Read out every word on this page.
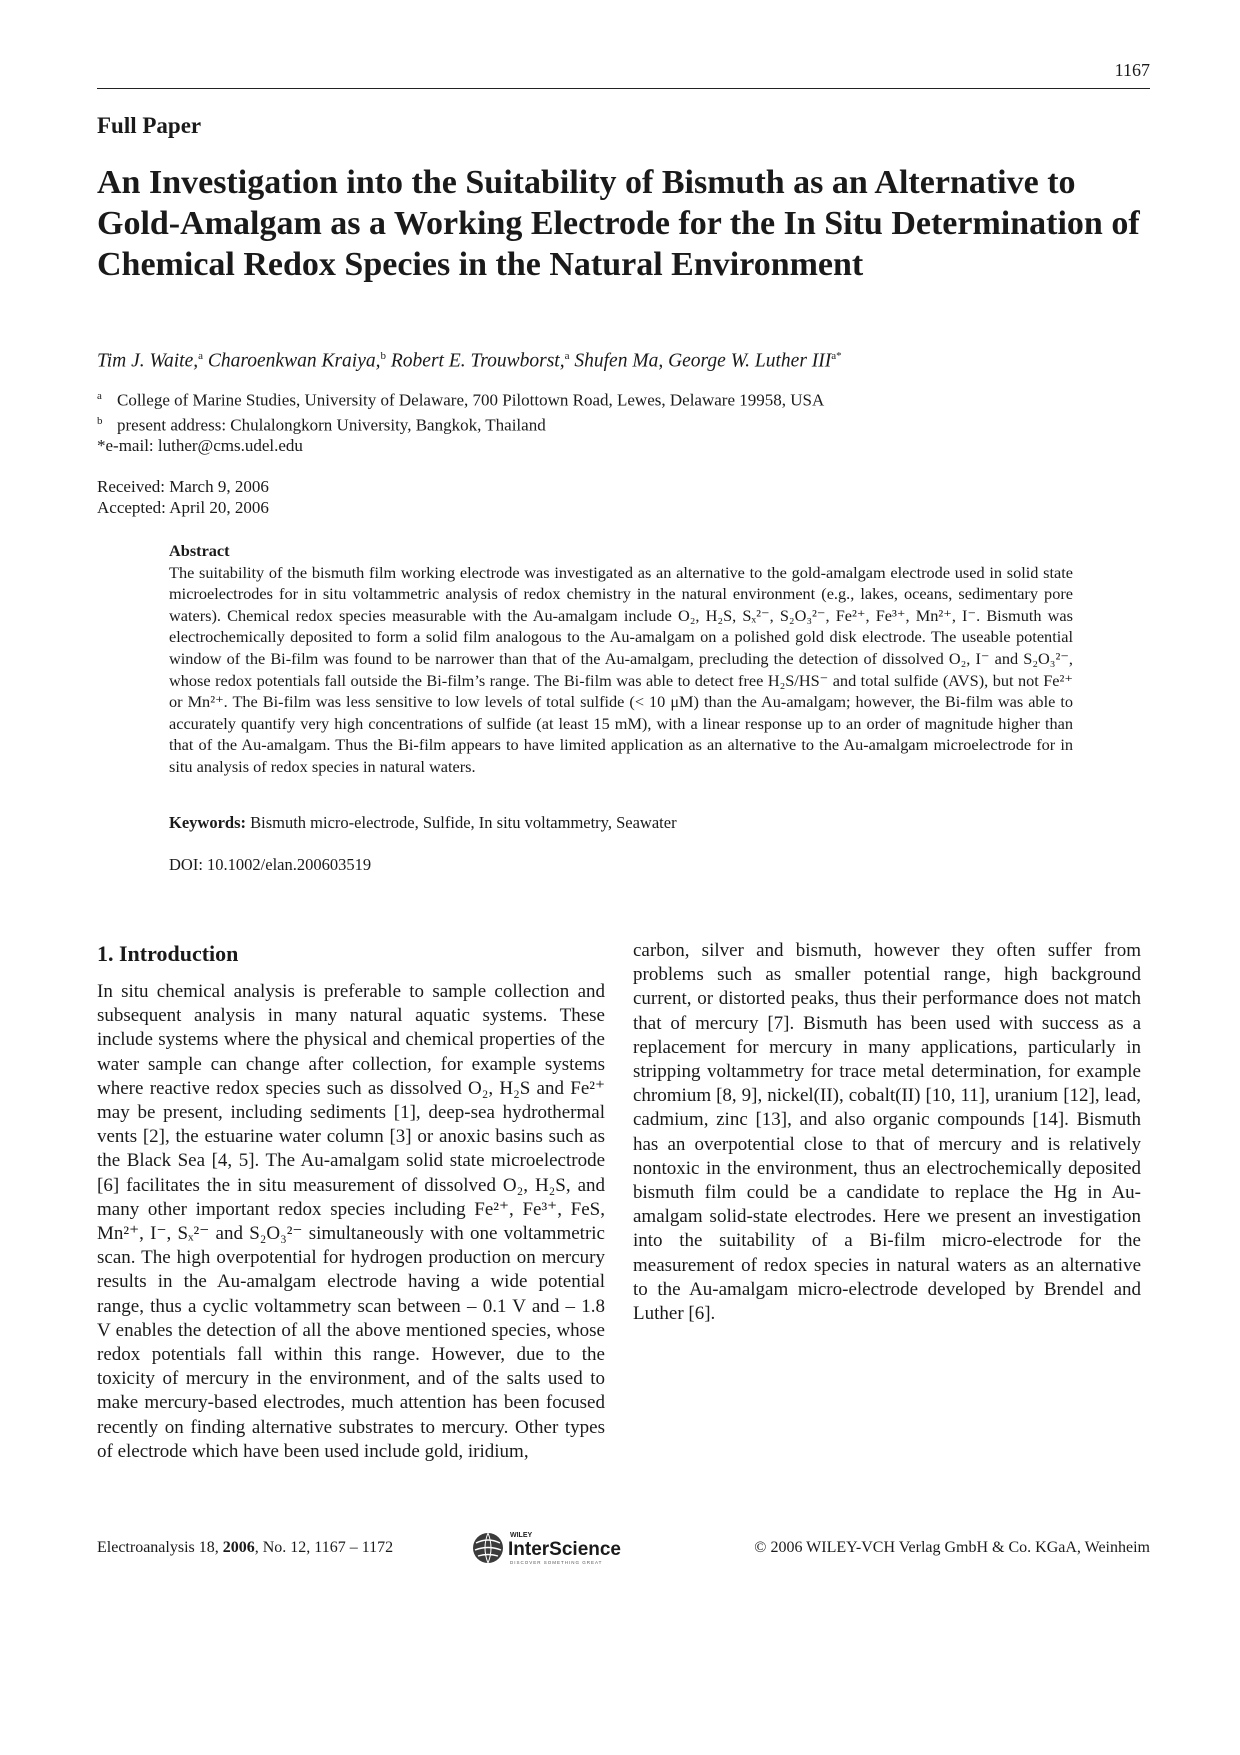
1167
Full Paper
An Investigation into the Suitability of Bismuth as an Alternative to Gold-Amalgam as a Working Electrode for the In Situ Determination of Chemical Redox Species in the Natural Environment
Tim J. Waite,$^a$ Charoenkwan Kraiya,$^b$ Robert E. Trouwborst,$^a$ Shufen Ma, George W. Luther $III^{a*}$
$^a$ College of Marine Studies, University of Delaware, 700 Pilottown Road, Lewes, Delaware 19958, USA
$^b$ present address: Chulalongkorn University, Bangkok, Thailand
*e-mail: luther@cms.udel.edu
Received: March 9, 2006
Accepted: April 20, 2006
Abstract
The suitability of the bismuth film working electrode was investigated as an alternative to the gold-amalgam electrode used in solid state microelectrodes for in situ voltammetric analysis of redox chemistry in the natural environment (e.g., lakes, oceans, sedimentary pore waters). Chemical redox species measurable with the Au-amalgam include O₂, H₂S, Sₓ²⁻, S₂O₃²⁻, Fe²⁺, Fe³⁺, Mn²⁺, I⁻. Bismuth was electrochemically deposited to form a solid film analogous to the Au-amalgam on a polished gold disk electrode. The useable potential window of the Bi-film was found to be narrower than that of the Au-amalgam, precluding the detection of dissolved O₂, I⁻ and S₂O₃²⁻, whose redox potentials fall outside the Bi-film’s range. The Bi-film was able to detect free H₂S/HS⁻ and total sulfide (AVS), but not Fe²⁺ or Mn²⁺. The Bi-film was less sensitive to low levels of total sulfide (< 10 μM) than the Au-amalgam; however, the Bi-film was able to accurately quantify very high concentrations of sulfide (at least 15 mM), with a linear response up to an order of magnitude higher than that of the Au-amalgam. Thus the Bi-film appears to have limited application as an alternative to the Au-amalgam microelectrode for in situ analysis of redox species in natural waters.
Keywords: Bismuth micro-electrode, Sulfide, In situ voltammetry, Seawater
DOI: 10.1002/elan.200603519
1. Introduction
In situ chemical analysis is preferable to sample collection and subsequent analysis in many natural aquatic systems. These include systems where the physical and chemical properties of the water sample can change after collection, for example systems where reactive redox species such as dissolved O₂, H₂S and Fe²⁺ may be present, including sediments [1], deep-sea hydrothermal vents [2], the estuarine water column [3] or anoxic basins such as the Black Sea [4, 5]. The Au-amalgam solid state microelectrode [6] facilitates the in situ measurement of dissolved O₂, H₂S, and many other important redox species including Fe²⁺, Fe³⁺, FeS, Mn²⁺, I⁻, Sₓ²⁻ and S₂O₃²⁻ simultaneously with one voltammetric scan. The high overpotential for hydrogen production on mercury results in the Au-amalgam electrode having a wide potential range, thus a cyclic voltammetry scan between – 0.1 V and – 1.8 V enables the detection of all the above mentioned species, whose redox potentials fall within this range. However, due to the toxicity of mercury in the environment, and of the salts used to make mercury-based electrodes, much attention has been focused recently on finding alternative substrates to mercury. Other types of electrode which have been used include gold, iridium,
carbon, silver and bismuth, however they often suffer from problems such as smaller potential range, high background current, or distorted peaks, thus their performance does not match that of mercury [7]. Bismuth has been used with success as a replacement for mercury in many applications, particularly in stripping voltammetry for trace metal determination, for example chromium [8, 9], nickel(II), cobalt(II) [10, 11], uranium [12], lead, cadmium, zinc [13], and also organic compounds [14]. Bismuth has an overpotential close to that of mercury and is relatively nontoxic in the environment, thus an electrochemically deposited bismuth film could be a candidate to replace the Hg in Au-amalgam solid-state electrodes. Here we present an investigation into the suitability of a Bi-film micro-electrode for the measurement of redox species in natural waters as an alternative to the Au-amalgam micro-electrode developed by Brendel and Luther [6].
Electroanalysis 18, 2006, No. 12, 1167 – 1172
WILEY
InterScience
DISCOVER SOMETHING GREAT
© 2006 WILEY-VCH Verlag GmbH & Co. KGaA, Weinheim
